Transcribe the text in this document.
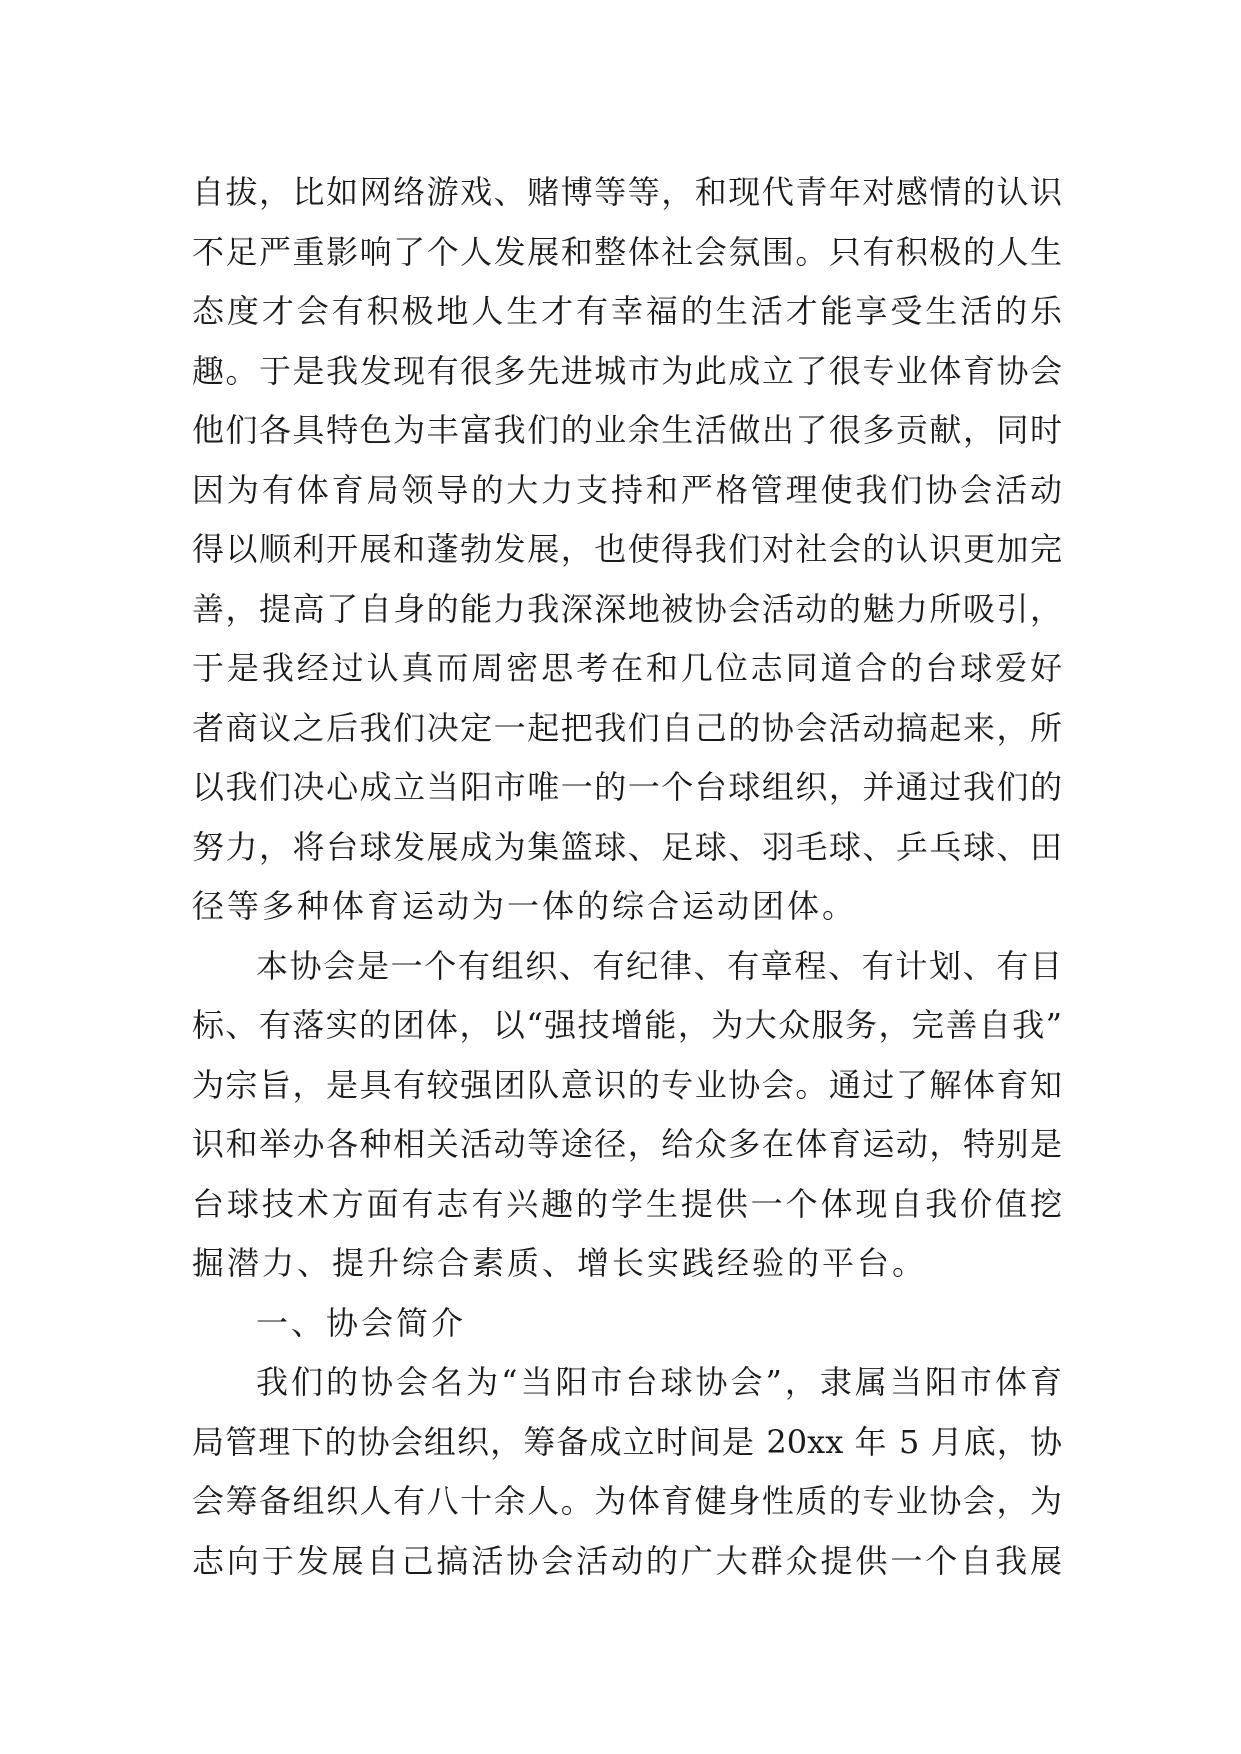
自拔，比如网络游戏、赌博等等，和现代青年对感情的认识
不足严重影响了个人发展和整体社会氛围。只有积极的人生
态度才会有积极地人生才有幸福的生活才能享受生活的乐
趣。于是我发现有很多先进城市为此成立了很专业体育协会
他们各具特色为丰富我们的业余生活做出了很多贡献，同时
因为有体育局领导的大力支持和严格管理使我们协会活动
得以顺利开展和蓬勃发展，也使得我们对社会的认识更加完
善，提高了自身的能力我深深地被协会活动的魅力所吸引，
于是我经过认真而周密思考在和几位志同道合的台球爱好
者商议之后我们决定一起把我们自己的协会活动搞起来，所
以我们决心成立当阳市唯一的一个台球组织，并通过我们的
努力，将台球发展成为集篮球、足球、羽毛球、乒乓球、田
径等多种体育运动为一体的综合运动团体。
本协会是一个有组织、有纪律、有章程、有计划、有目
标、有落实的团体，以“强技增能，为大众服务，完善自我”
为宗旨，是具有较强团队意识的专业协会。通过了解体育知
识和举办各种相关活动等途径，给众多在体育运动，特别是
台球技术方面有志有兴趣的学生提供一个体现自我价值挖
掘潜力、提升综合素质、增长实践经验的平台。
一、协会简介
我们的协会名为“当阳市台球协会”，隶属当阳市体育
局管理下的协会组织，筹备成立时间是 20xx 年 5 月底，协
会筹备组织人有八十余人。为体育健身性质的专业协会，为
志向于发展自己搞活协会活动的广大群众提供一个自我展
